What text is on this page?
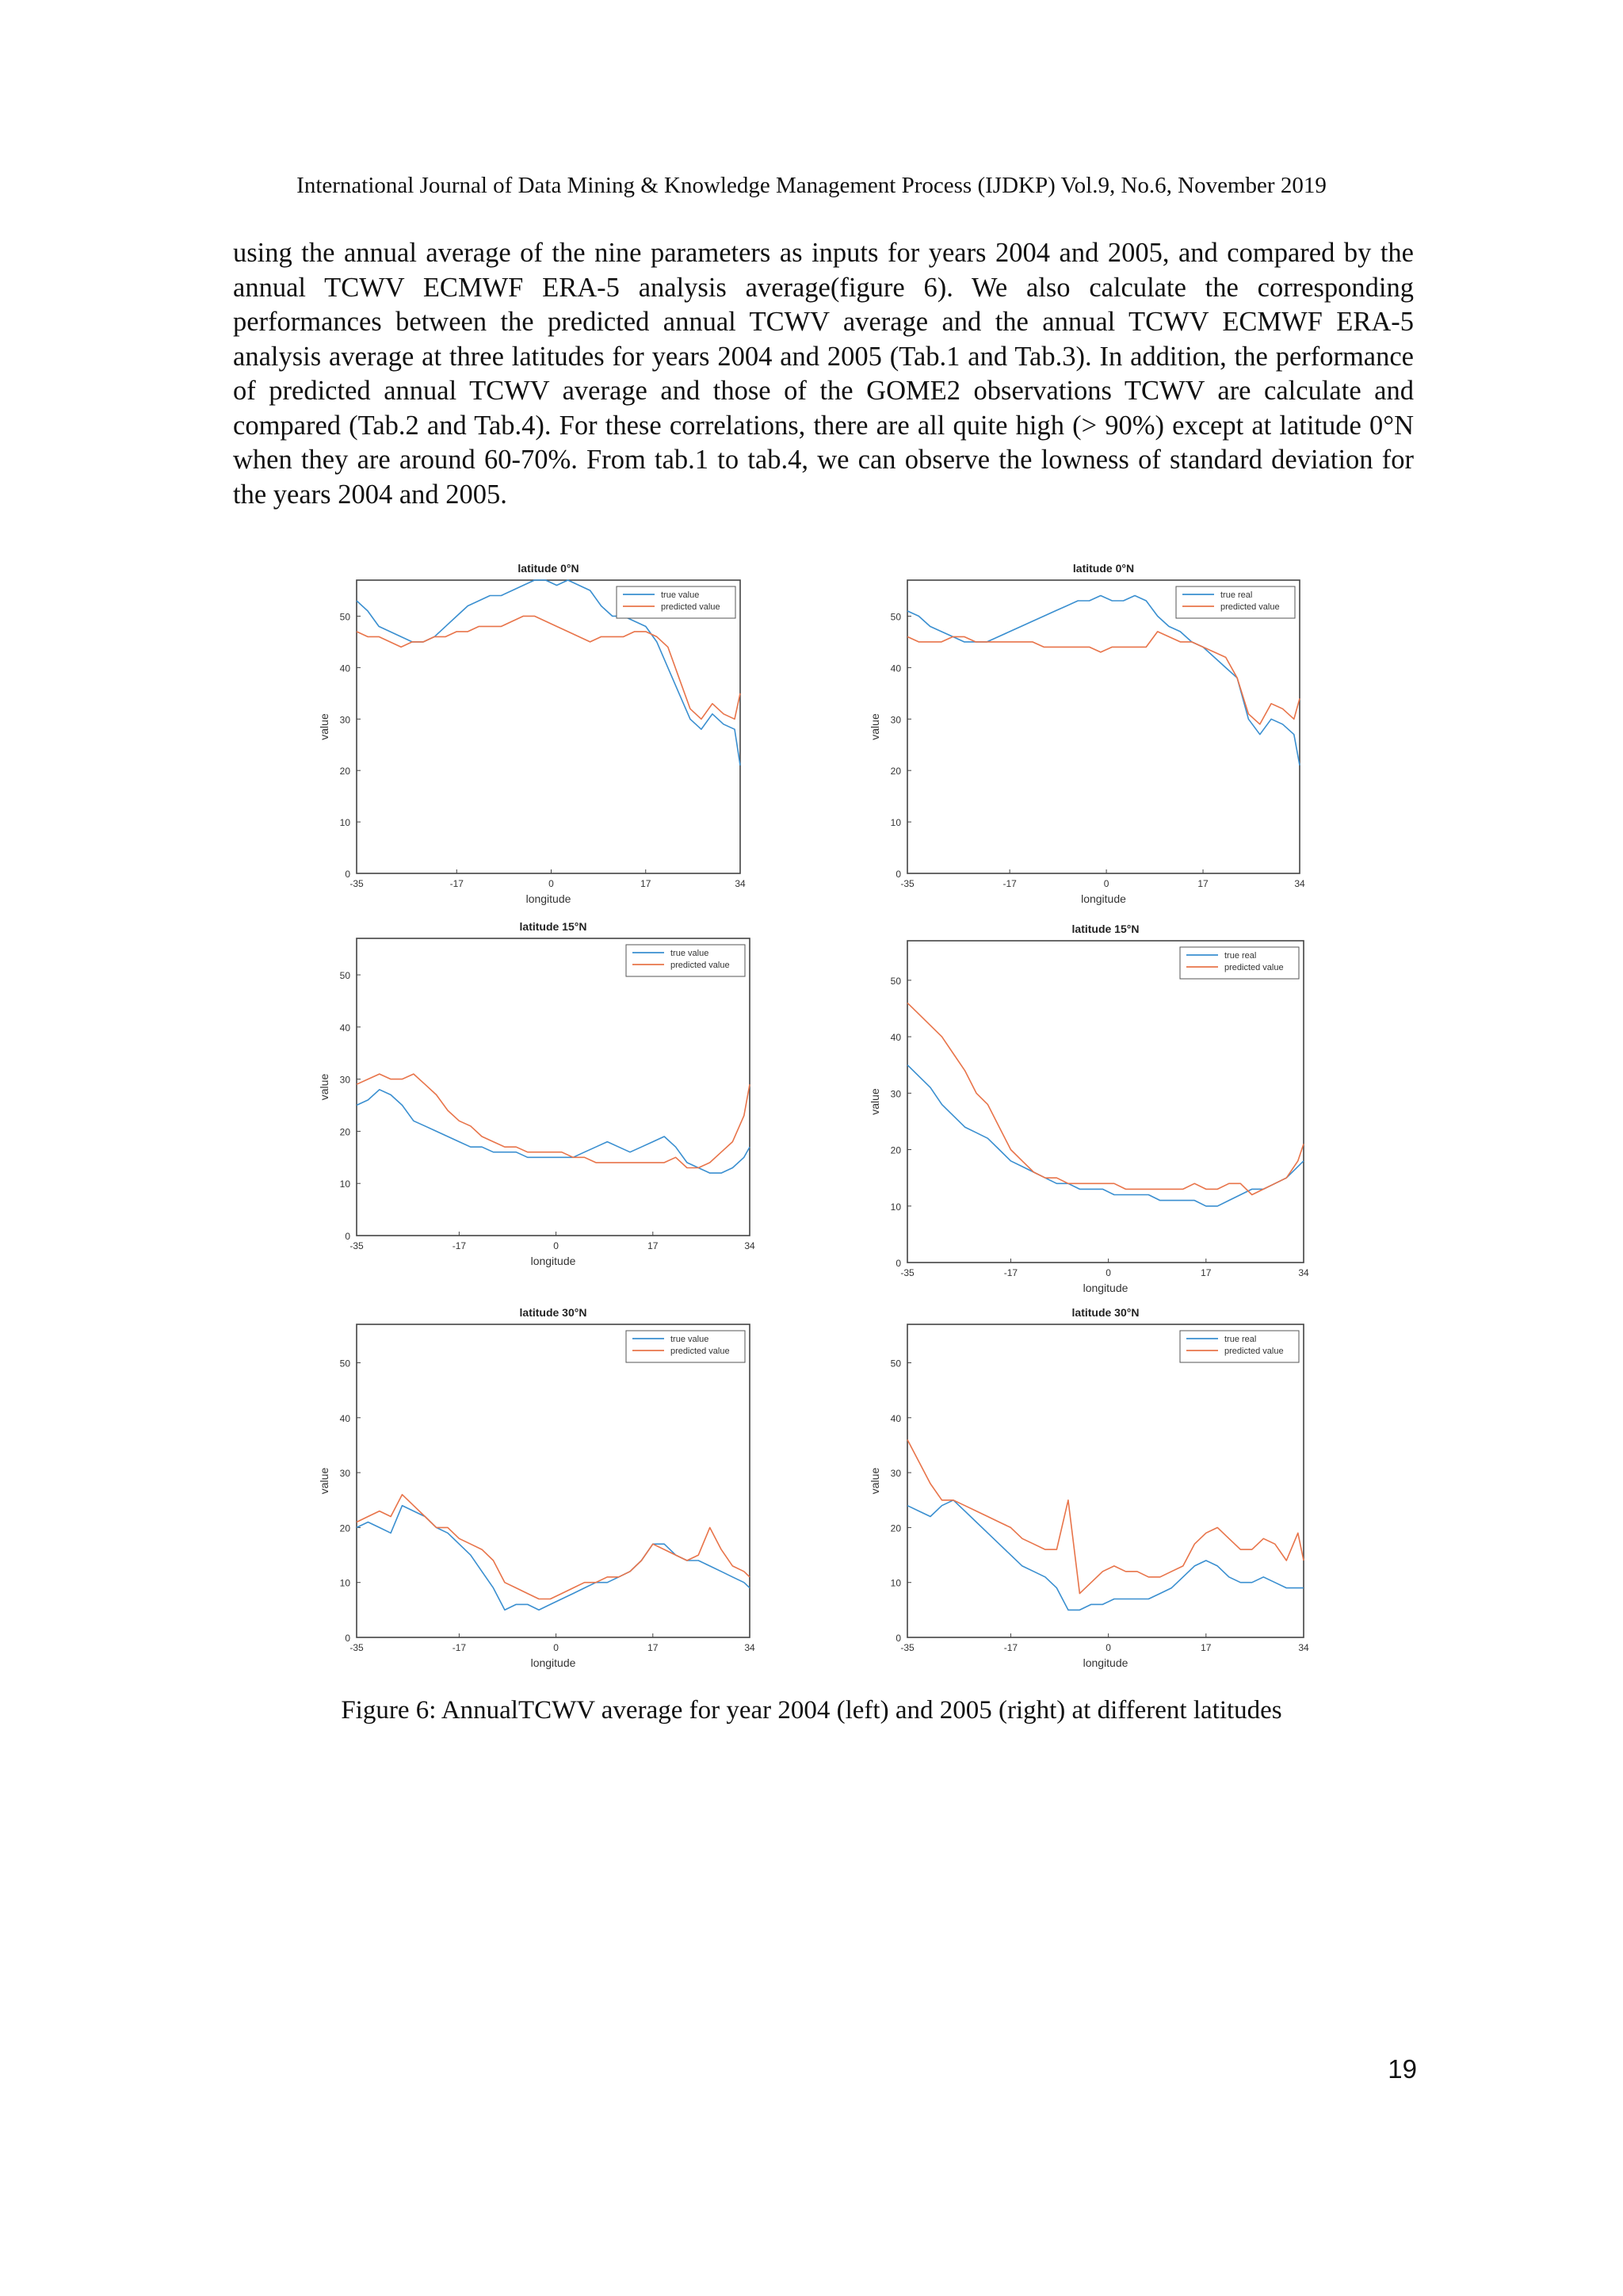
International Journal of Data Mining & Knowledge Management Process (IJDKP) Vol.9, No.6, November 2019

using the annual average of the nine parameters as inputs for years 2004 and 2005, and compared by the annual TCWV ECMWF ERA-5 analysis average(figure 6). We also calculate the corresponding performances between the predicted annual TCWV average and the annual TCWV ECMWF ERA-5 analysis average at three latitudes for years 2004 and 2005 (Tab.1 and Tab.3). In addition, the performance of predicted annual TCWV average and those of the GOME2 observations TCWV are calculate and compared (Tab.2 and Tab.4). For these correlations, there are all quite high (> 90%) except at latitude 0°N when they are around 60-70%. From tab.1 to tab.4, we can observe the lowness of standard deviation for the years 2004 and 2005.

latitude 0°N
0
10
20
30
40
50
-35	-17	0	17	34
longitude
value
true value
predicted value
latitude 0°N
0
10
20
30
40
50
-35	-17	0	17	34
longitude
value
true real
predicted value
latitude 15°N
0
10
20
30
40
50
-35	-17	0	17	34
longitude
value
true value
predicted value
latitude 15°N
0
10
20
30
40
50
-35	-17	0	17	34
longitude
value
true real
predicted value
latitude 30°N
0
10
20
30
40
50
-35	-17	0	17	34
longitude
value
true value
predicted value
latitude 30°N
0
10
20
30
40
50
-35	-17	0	17	34
longitude
value
true real
predicted value
Figure 6: AnnualTCWV average for year 2004 (left) and 2005 (right) at different latitudes
19
